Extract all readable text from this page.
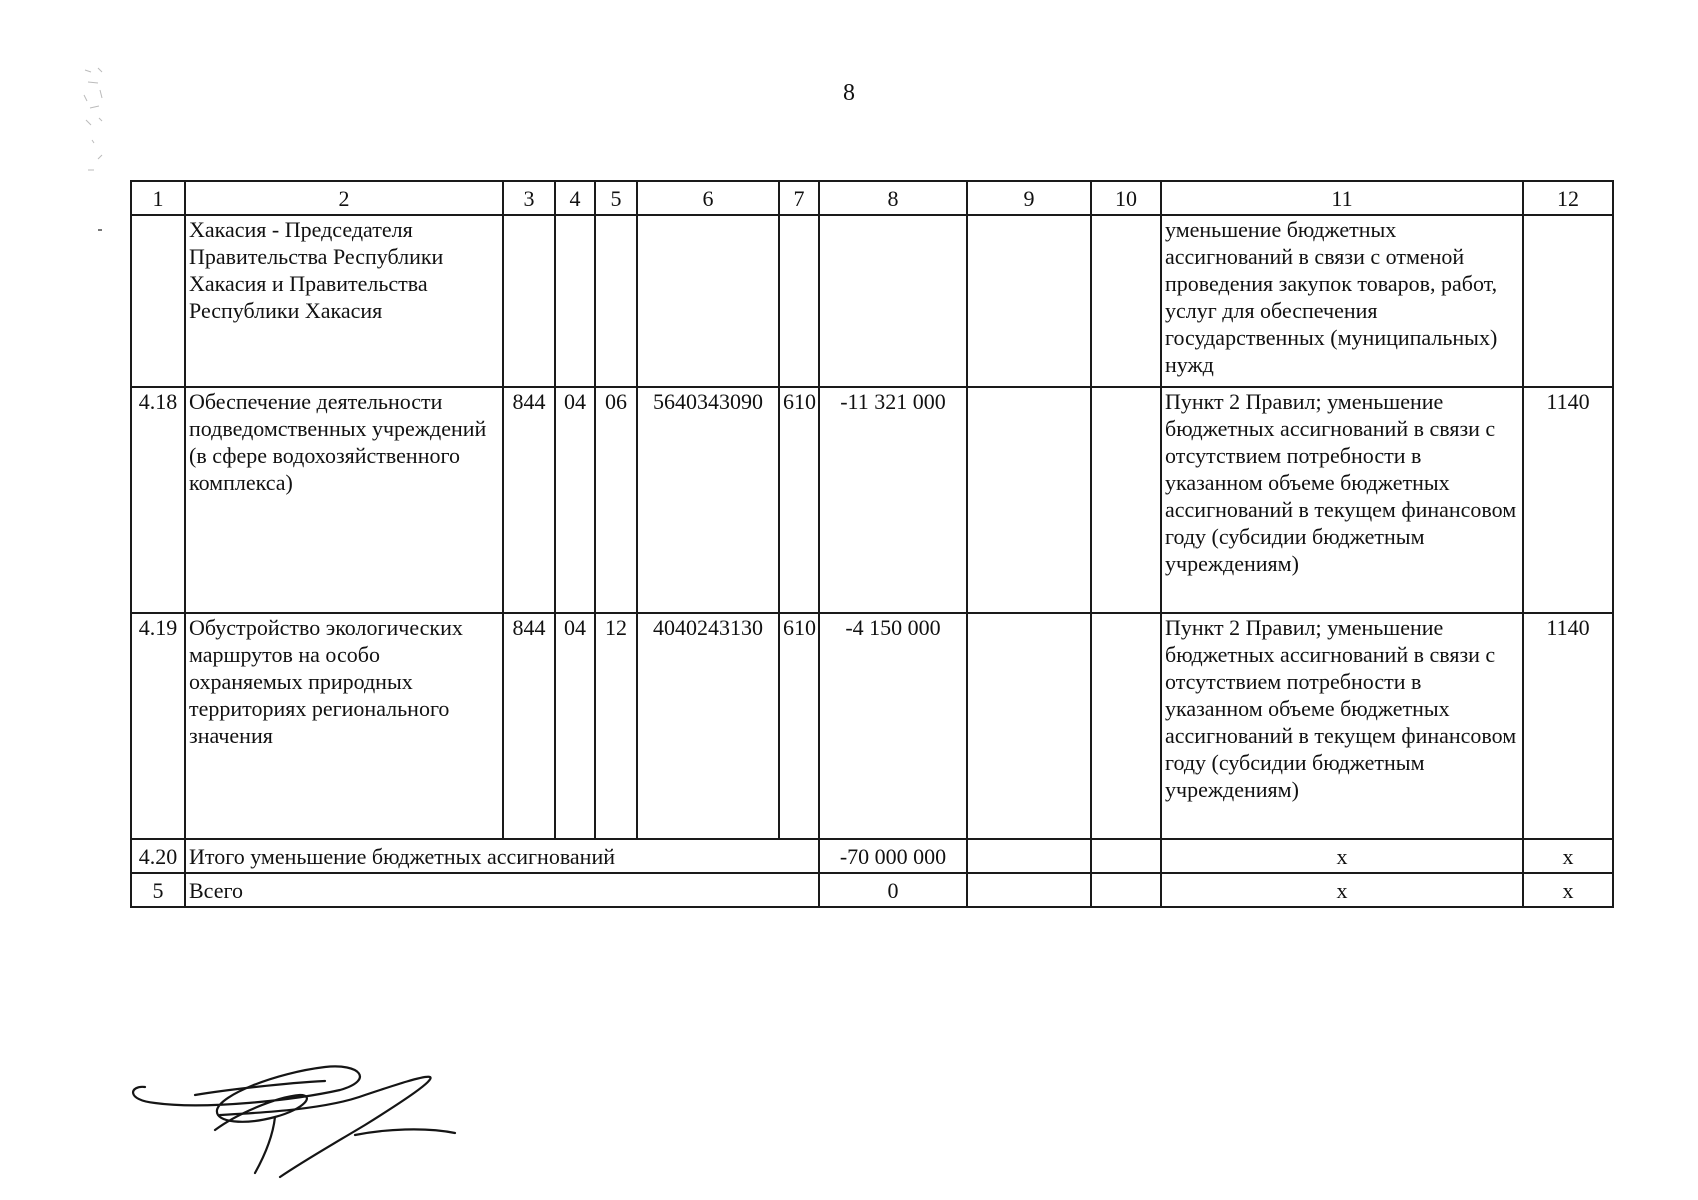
8
1	2	3	4	5	6	7	8	9	10	11	12
	Хакасия - Председателя Правительства Республики Хакасия и Правительства Республики Хакасия									уменьшение бюджетных ассигнований в связи с отменой проведения закупок товаров, работ, услуг для обеспечения государственных (муниципальных) нужд	
4.18	Обеспечение деятельности подведомственных учреждений (в сфере водохозяйственного комплекса)	844	04	06	5640343090	610	-11 321 000			Пункт 2 Правил; уменьшение бюджетных ассигнований в связи с отсутствием потребности в указанном объеме бюджетных ассигнований в текущем финансовом году (субсидии бюджетным учреждениям)	1140
4.19	Обустройство экологических маршрутов на особо охраняемых природных территориях регионального значения	844	04	12	4040243130	610	-4 150 000			Пункт 2 Правил; уменьшение бюджетных ассигнований в связи с отсутствием потребности в указанном объеме бюджетных ассигнований в текущем финансовом году (субсидии бюджетным учреждениям)	1140
4.20	Итого уменьшение бюджетных ассигнований						-70 000 000			х	х
5	Всего						0			х	х
